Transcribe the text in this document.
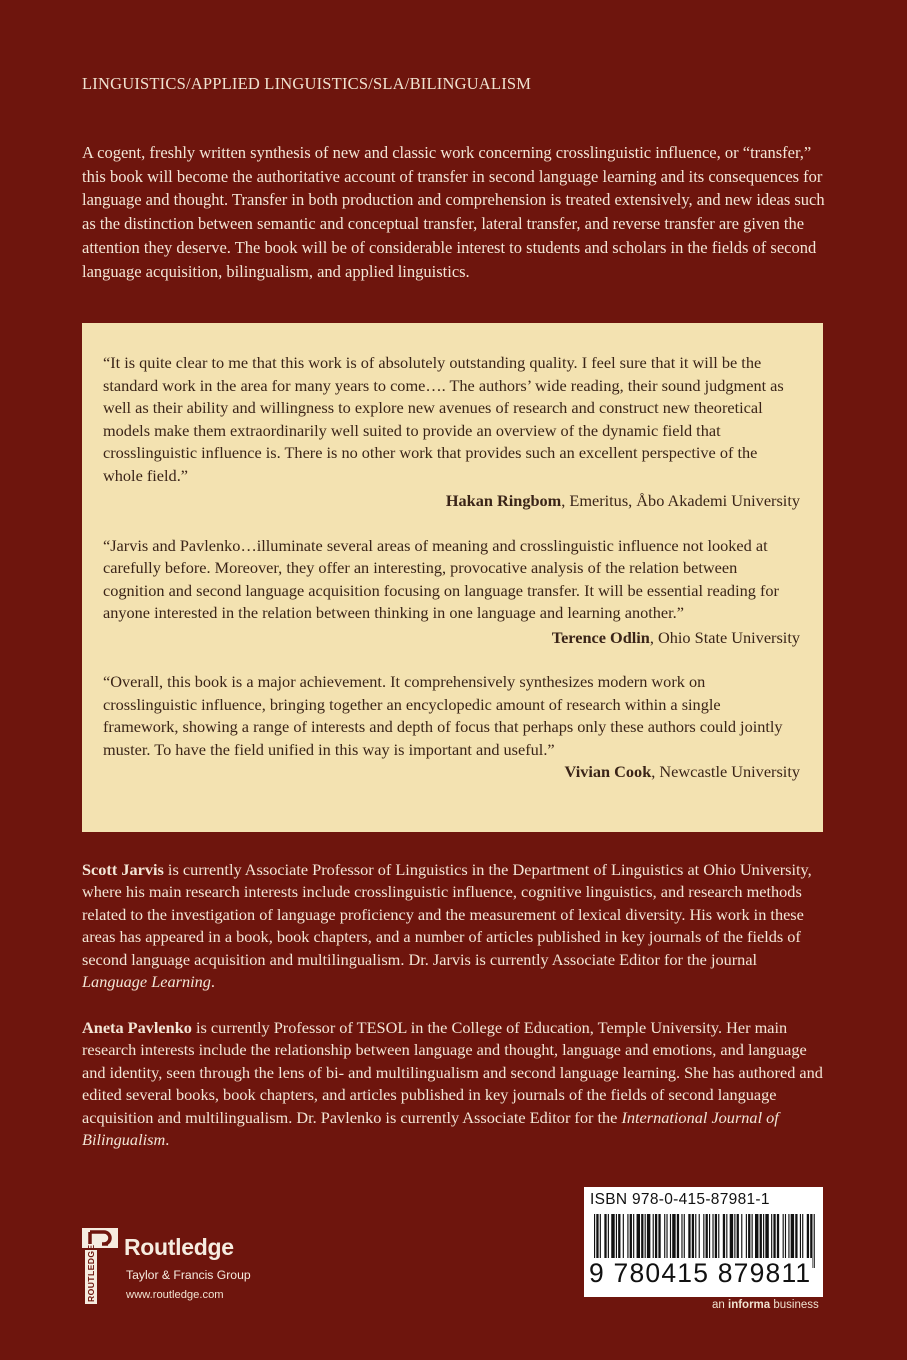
LINGUISTICS/APPLIED LINGUISTICS/SLA/BILINGUALISM

A cogent, freshly written synthesis of new and classic work concerning crosslinguistic influence, or “transfer,” this book will become the authoritative account of transfer in second language learning and its consequences for language and thought. Transfer in both production and comprehension is treated extensively, and new ideas such as the distinction between semantic and conceptual transfer, lateral transfer, and reverse transfer are given the attention they deserve. The book will be of considerable interest to students and scholars in the fields of second language acquisition, bilingualism, and applied linguistics.

“It is quite clear to me that this work is of absolutely outstanding quality. I feel sure that it will be the standard work in the area for many years to come…. The authors’ wide reading, their sound judgment as well as their ability and willingness to explore new avenues of research and construct new theoretical models make them extraordinarily well suited to provide an overview of the dynamic field that crosslinguistic influence is. There is no other work that provides such an excellent perspective of the whole field.”

Hakan Ringbom, Emeritus, Åbo Akademi University

“Jarvis and Pavlenko…illuminate several areas of meaning and crosslinguistic influence not looked at carefully before. Moreover, they offer an interesting, provocative analysis of the relation between cognition and second language acquisition focusing on language transfer. It will be essential reading for anyone interested in the relation between thinking in one language and learning another.”

Terence Odlin, Ohio State University

“Overall, this book is a major achievement. It comprehensively synthesizes modern work on crosslinguistic influence, bringing together an encyclopedic amount of research within a single framework, showing a range of interests and depth of focus that perhaps only these authors could jointly muster. To have the field unified in this way is important and useful.”

Vivian Cook, Newcastle University

Scott Jarvis is currently Associate Professor of Linguistics in the Department of Linguistics at Ohio University, where his main research interests include crosslinguistic influence, cognitive linguistics, and research methods related to the investigation of language proficiency and the measurement of lexical diversity. His work in these areas has appeared in a book, book chapters, and a number of articles published in key journals of the fields of second language acquisition and multilingualism. Dr. Jarvis is currently Associate Editor for the journal Language Learning.

Aneta Pavlenko is currently Professor of TESOL in the College of Education, Temple University. Her main research interests include the relationship between language and thought, language and emotions, and language and identity, seen through the lens of bi- and multilingualism and second language learning. She has authored and edited several books, book chapters, and articles published in key journals of the fields of second language acquisition and multilingualism. Dr. Pavlenko is currently Associate Editor for the International Journal of Bilingualism.

ROUTLEDGE Routledge
Taylor & Francis Group
www.routledge.com
ISBN 978-0-415-87981-1
9 780415 879811
an informa business
